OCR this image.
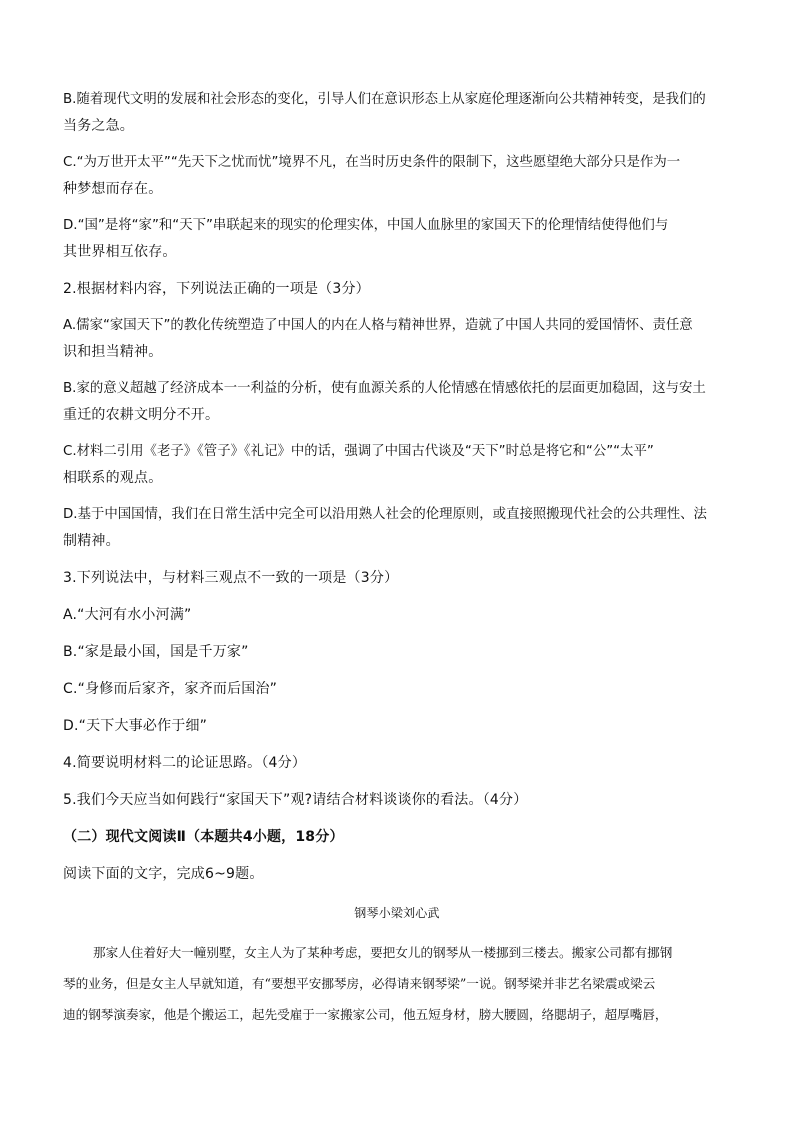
B.随着现代文明的发展和社会形态的变化，引导人们在意识形态上从家庭伦理逐渐向公共精神转变，是我们的
当务之急。
C.“为万世开太平”“先天下之忧而忧”境界不凡，在当时历史条件的限制下，这些愿望绝大部分只是作为一
种梦想而存在。
D.“国”是将“家”和“天下”串联起来的现实的伦理实体，中国人血脉里的家国天下的伦理情结使得他们与
其世界相互依存。
2.根据材料内容，下列说法正确的一项是（3分）
A.儒家“家国天下”的教化传统塑造了中国人的内在人格与精神世界，造就了中国人共同的爱国情怀、责任意
识和担当精神。
B.家的意义超越了经济成本一一利益的分析，使有血源关系的人伦情感在情感依托的层面更加稳固，这与安土
重迁的农耕文明分不开。
C.材料二引用《老子》《管子》《礼记》中的话，强调了中国古代谈及“天下”时总是将它和“公”“太平”
相联系的观点。
D.基于中国国情，我们在日常生活中完全可以沿用熟人社会的伦理原则，或直接照搬现代社会的公共理性、法
制精神。
3.下列说法中，与材料三观点不一致的一项是（3分）
A.“大河有水小河满”
B.“家是最小国，国是千万家”
C.“身修而后家齐，家齐而后国治”
D.“天下大事必作于细”
4.简要说明材料二的论证思路。（4分）
5.我们今天应当如何践行“家国天下”观?请结合材料谈谈你的看法。（4分）
（二）现代文阅读Ⅱ（本题共4小题，18分）
阅读下面的文字，完成6~9题。
钢琴小梁刘心武
那家人住着好大一幢别墅，女主人为了某种考虑，要把女儿的钢琴从一楼挪到三楼去。搬家公司都有挪钢
琴的业务，但是女主人早就知道，有“要想平安挪琴房，必得请来钢琴梁”一说。钢琴梁并非艺名梁震或梁云
迪的钢琴演奏家，他是个搬运工，起先受雇于一家搬家公司，他五短身材，膀大腰圆，络腮胡子，超厚嘴唇，
